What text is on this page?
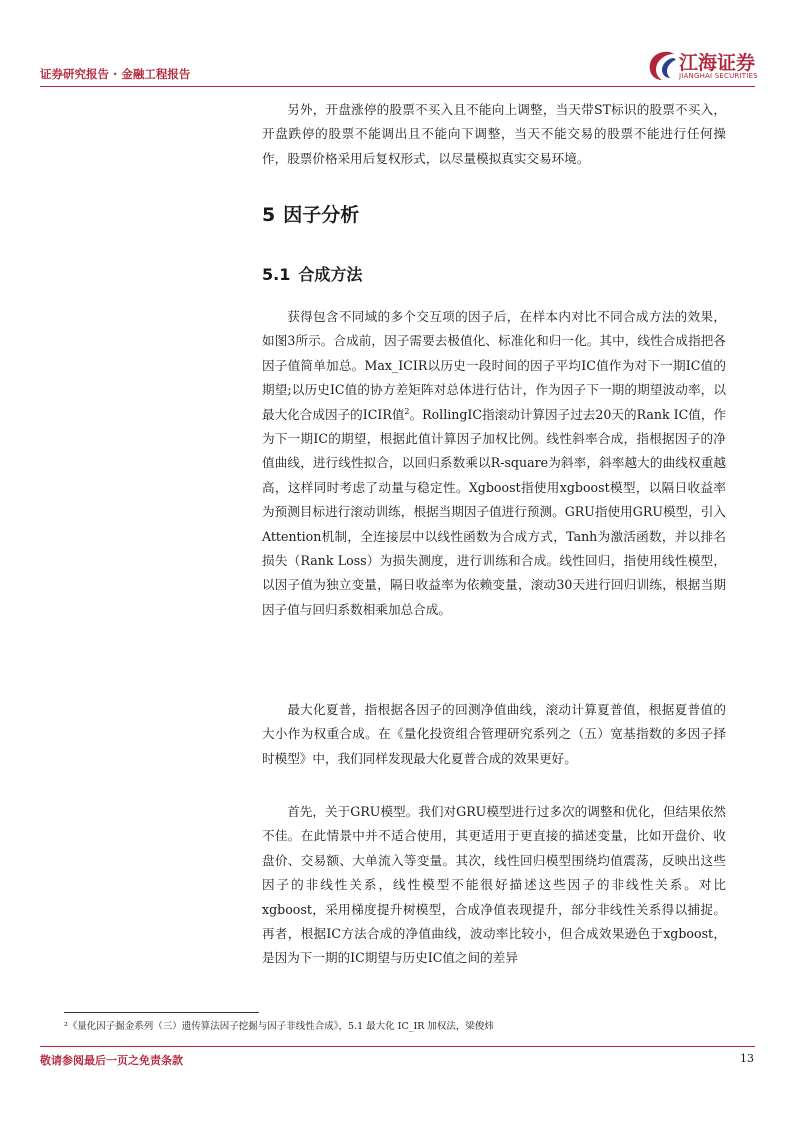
证券研究报告 · 金融工程报告	江海证券
JIANGHAI SECURITIES

另外，开盘涨停的股票不买入且不能向上调整，当天带ST标识的股票不买入，开盘跌停的股票不能调出且不能向下调整，当天不能交易的股票不能进行任何操作，股票价格采用后复权形式，以尽量模拟真实交易环境。

5 因子分析
5.1 合成方法

获得包含不同域的多个交互项的因子后，在样本内对比不同合成方法的效果，如图3所示。合成前，因子需要去极值化、标准化和归一化。其中，线性合成指把各因子值简单加总。Max_ICIR以历史一段时间的因子平均IC值作为对下一期IC值的期望;以历史IC值的协方差矩阵对总体进行估计，作为因子下一期的期望波动率，以最大化合成因子的ICIR值$^2$。RollingIC指滚动计算因子过去20天的Rank IC值，作为下一期IC的期望，根据此值计算因子加权比例。线性斜率合成，指根据因子的净值曲线，进行线性拟合，以回归系数乘以R-square为斜率，斜率越大的曲线权重越高，这样同时考虑了动量与稳定性。Xgboost指使用xgboost模型，以隔日收益率为预测目标进行滚动训练，根据当期因子值进行预测。GRU指使用GRU模型，引入Attention机制，全连接层中以线性函数为合成方式，Tanh为激活函数，并以排名损失（Rank Loss）为损失测度，进行训练和合成。线性回归，指使用线性模型，以因子值为独立变量，隔日收益率为依赖变量，滚动30天进行回归训练，根据当期因子值与回归系数相乘加总合成。

最大化夏普，指根据各因子的回测净值曲线，滚动计算夏普值，根据夏普值的大小作为权重合成。在《量化投资组合管理研究系列之（五）宽基指数的多因子择时模型》中，我们同样发现最大化夏普合成的效果更好。

首先，关于GRU模型。我们对GRU模型进行过多次的调整和优化，但结果依然不佳。在此情景中并不适合使用，其更适用于更直接的描述变量，比如开盘价、收盘价、交易额、大单流入等变量。其次，线性回归模型围绕均值震荡，反映出这些因子的非线性关系，线性模型不能很好描述这些因子的非线性关系。对比xgboost，采用梯度提升树模型，合成净值表现提升，部分非线性关系得以捕捉。再者，根据IC方法合成的净值曲线，波动率比较小，但合成效果逊色于xgboost，是因为下一期的IC期望与历史IC值之间的差异

²《量化因子掘金系列（三）遗传算法因子挖掘与因子非线性合成》，5.1 最大化 IC_IR 加权法，梁俊炜
敬请参阅最后一页之免责条款	13
